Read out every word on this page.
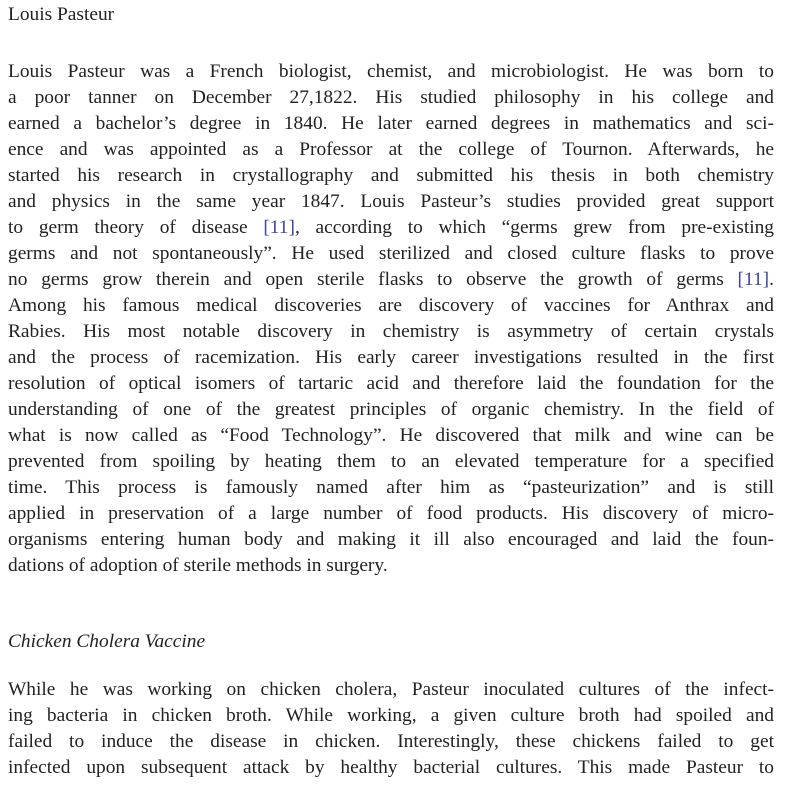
Louis Pasteur
Louis Pasteur was a French biologist, chemist, and microbiologist. He was born to
a poor tanner on December 27,1822. His studied philosophy in his college and
earned a bachelor’s degree in 1840. He later earned degrees in mathematics and sci-
ence and was appointed as a Professor at the college of Tournon. Afterwards, he
started his research in crystallography and submitted his thesis in both chemistry
and physics in the same year 1847. Louis Pasteur’s studies provided great support
to germ theory of disease [11], according to which “germs grew from pre-existing
germs and not spontaneously”. He used sterilized and closed culture flasks to prove
no germs grow therein and open sterile flasks to observe the growth of germs [11].
Among his famous medical discoveries are discovery of vaccines for Anthrax and
Rabies. His most notable discovery in chemistry is asymmetry of certain crystals
and the process of racemization. His early career investigations resulted in the first
resolution of optical isomers of tartaric acid and therefore laid the foundation for the
understanding of one of the greatest principles of organic chemistry. In the field of
what is now called as “Food Technology”. He discovered that milk and wine can be
prevented from spoiling by heating them to an elevated temperature for a specified
time. This process is famously named after him as “pasteurization” and is still
applied in preservation of a large number of food products. His discovery of micro-
organisms entering human body and making it ill also encouraged and laid the foun-
dations of adoption of sterile methods in surgery.
Chicken Cholera Vaccine
While he was working on chicken cholera, Pasteur inoculated cultures of the infect-
ing bacteria in chicken broth. While working, a given culture broth had spoiled and
failed to induce the disease in chicken. Interestingly, these chickens failed to get
infected upon subsequent attack by healthy bacterial cultures. This made Pasteur to
